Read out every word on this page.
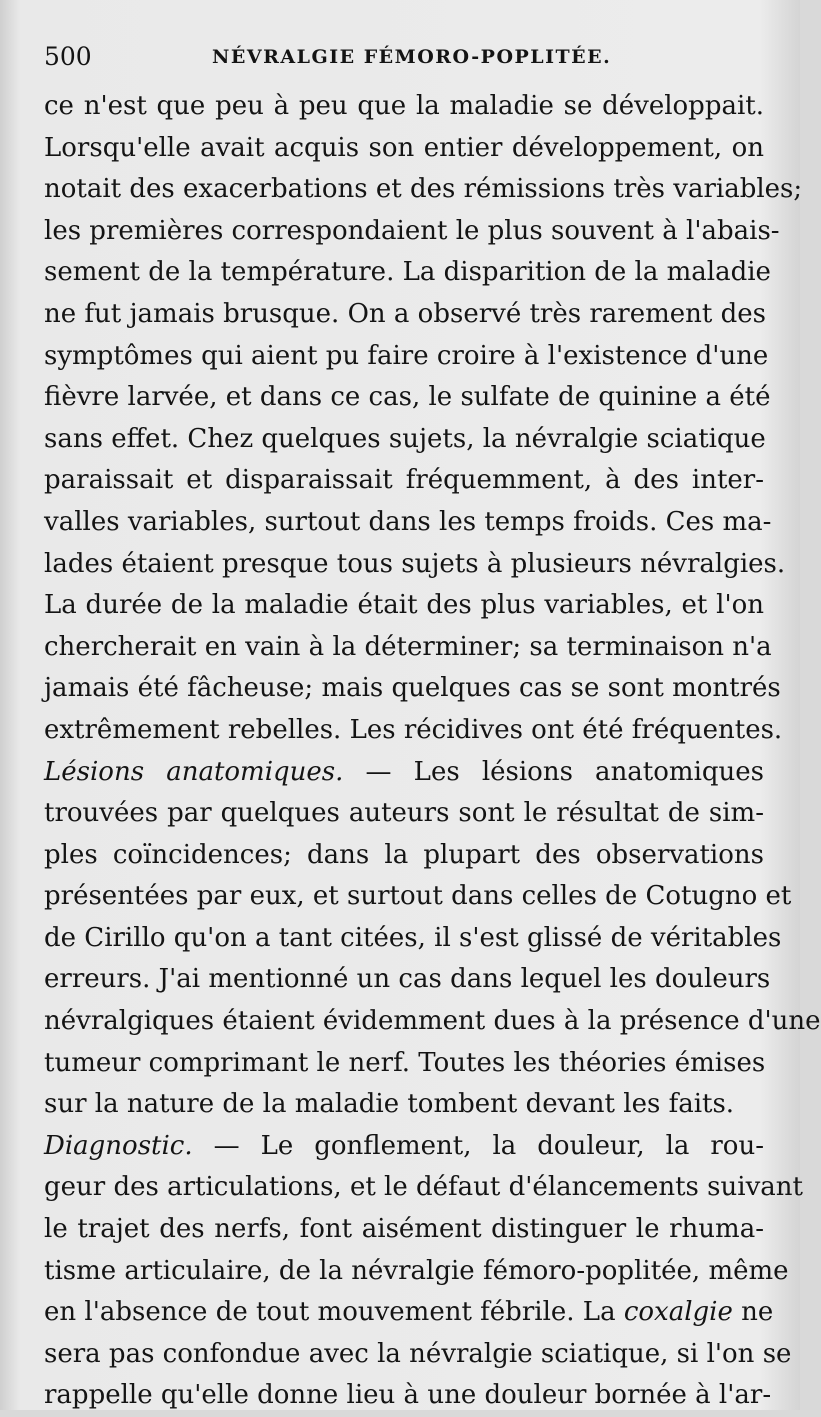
500	NÉVRALGIE FÉMORO-POPLITÉE.
ce n'est que peu à peu que la maladie se développait.
Lorsqu'elle avait acquis son entier développement, on
notait des exacerbations et des rémissions très variables;
les premières correspondaient le plus souvent à l'abais-
sement de la température. La disparition de la maladie
ne fut jamais brusque. On a observé très rarement des
symptômes qui aient pu faire croire à l'existence d'une
fièvre larvée, et dans ce cas, le sulfate de quinine a été
sans effet. Chez quelques sujets, la névralgie sciatique
paraissait et disparaissait fréquemment, à des inter-
valles variables, surtout dans les temps froids. Ces ma-
lades étaient presque tous sujets à plusieurs névralgies.
La durée de la maladie était des plus variables, et l'on
chercherait en vain à la déterminer; sa terminaison n'a
jamais été fâcheuse; mais quelques cas se sont montrés
extrêmement rebelles. Les récidives ont été fréquentes.
Lésions anatomiques. — Les lésions anatomiques
trouvées par quelques auteurs sont le résultat de sim-
ples coïncidences; dans la plupart des observations
présentées par eux, et surtout dans celles de Cotugno et
de Cirillo qu'on a tant citées, il s'est glissé de véritables
erreurs. J'ai mentionné un cas dans lequel les douleurs
névralgiques étaient évidemment dues à la présence d'une
tumeur comprimant le nerf. Toutes les théories émises
sur la nature de la maladie tombent devant les faits.
Diagnostic. — Le gonflement, la douleur, la rou-
geur des articulations, et le défaut d'élancements suivant
le trajet des nerfs, font aisément distinguer le rhuma-
tisme articulaire, de la névralgie fémoro-poplitée, même
en l'absence de tout mouvement fébrile. La coxalgie ne
sera pas confondue avec la névralgie sciatique, si l'on se
rappelle qu'elle donne lieu à une douleur bornée à l'ar-
